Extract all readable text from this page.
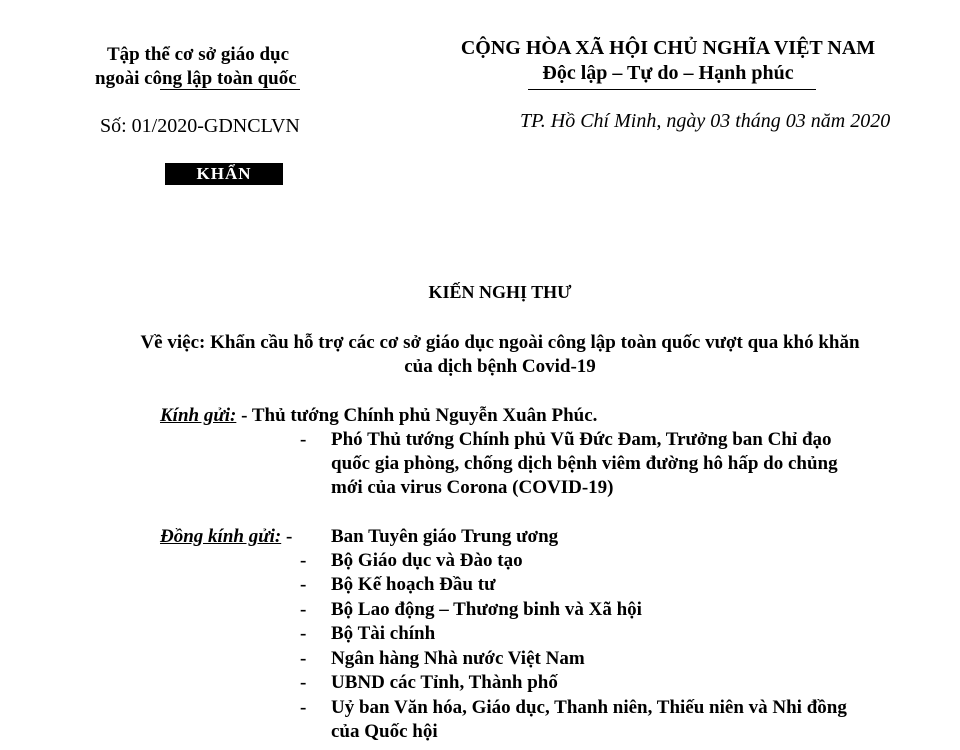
Tập thể cơ sở giáo dục
ngoài công lập toàn quốc
Số: 01/2020-GDNCLVN
KHẨN
CỘNG HÒA XÃ HỘI CHỦ NGHĨA VIỆT NAM
Độc lập – Tự do – Hạnh phúc
TP. Hồ Chí Minh, ngày 03 tháng 03 năm 2020
KIẾN NGHỊ THƯ
Về việc: Khẩn cầu hỗ trợ các cơ sở giáo dục ngoài công lập toàn quốc vượt qua khó khăn
của dịch bệnh Covid-19
Kính gửi: - Thủ tướng Chính phủ Nguyễn Xuân Phúc.
- Phó Thủ tướng Chính phủ Vũ Đức Đam, Trưởng ban Chỉ đạo
quốc gia phòng, chống dịch bệnh viêm đường hô hấp do chủng
mới của virus Corona (COVID-19)
Đồng kính gửi: - Ban Tuyên giáo Trung ương
- Bộ Giáo dục và Đào tạo
- Bộ Kế hoạch Đầu tư
- Bộ Lao động – Thương binh và Xã hội
- Bộ Tài chính
- Ngân hàng Nhà nước Việt Nam
- UBND các Tỉnh, Thành phố
- Uỷ ban Văn hóa, Giáo dục, Thanh niên, Thiếu niên và Nhi đồng
của Quốc hội
